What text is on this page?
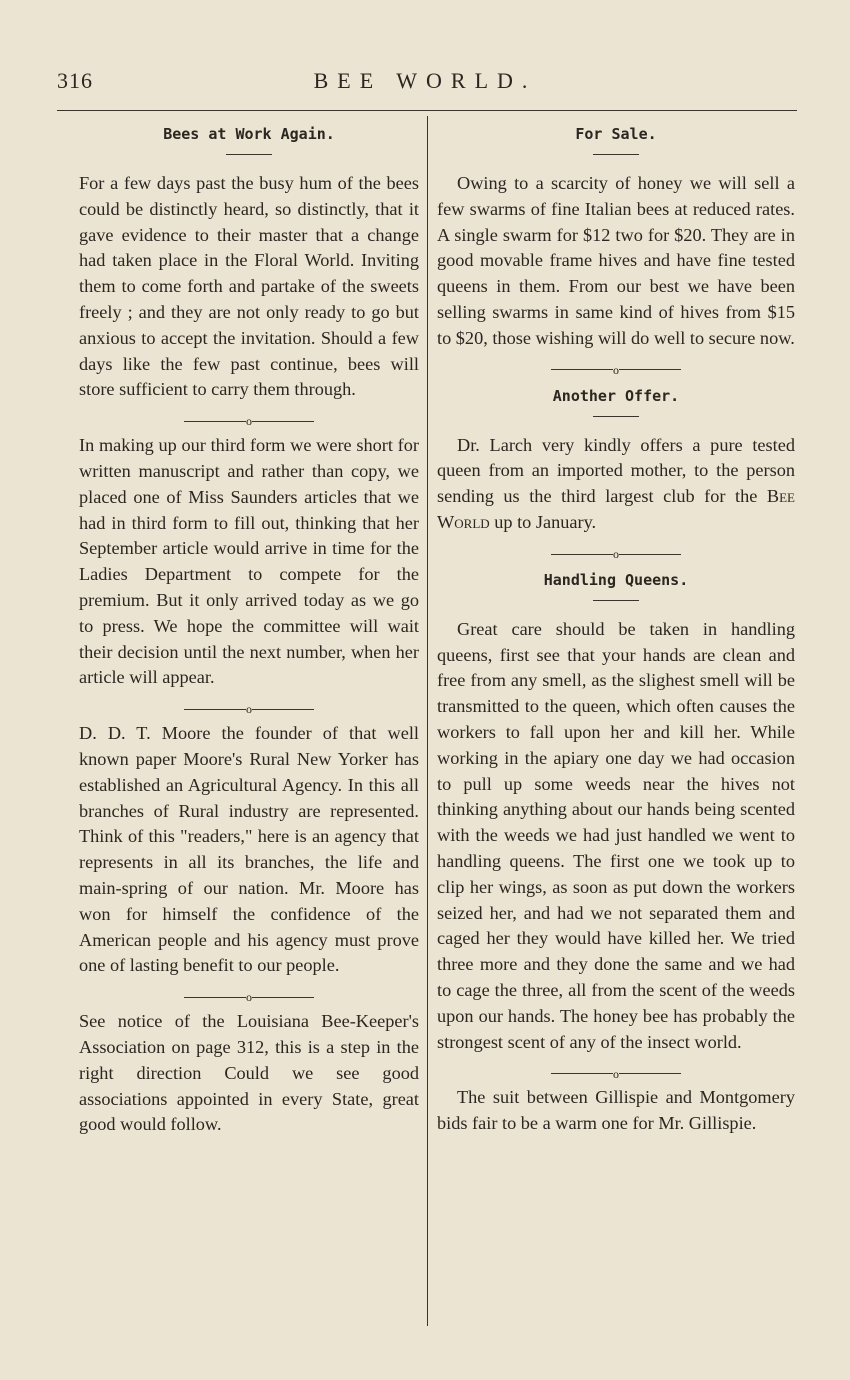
316	BEE WORLD.
Bees at Work Again.

For a few days past the busy hum of the bees could be distinctly heard, so distinctly, that it gave evidence to their master that a change had taken place in the Floral World. Inviting them to come forth and partake of the sweets freely ; and they are not only ready to go but anxious to accept the invitation. Should a few days like the few past continue, bees will store sufficient to carry them through.

o

In making up our third form we were short for written manuscript and rather than copy, we placed one of Miss Saunders articles that we had in third form to fill out, thinking that her September article would arrive in time for the Ladies Department to compete for the premium. But it only arrived today as we go to press. We hope the committee will wait their decision until the next number, when her article will appear.

o

D. D. T. Moore the founder of that well known paper Moore's Rural New Yorker has established an Agricultural Agency. In this all branches of Rural industry are represented. Think of this "readers," here is an agency that represents in all its branches, the life and main-spring of our nation. Mr. Moore has won for himself the confidence of the American people and his agency must prove one of lasting benefit to our people.

o

See notice of the Louisiana Bee-Keeper's Association on page 312, this is a step in the right direction Could we see good associations appointed in every State, great good would follow.

For Sale.

Owing to a scarcity of honey we will sell a few swarms of fine Italian bees at reduced rates. A single swarm for $12 two for $20. They are in good movable frame hives and have fine tested queens in them. From our best we have been selling swarms in same kind of hives from $15 to $20, those wishing will do well to secure now.

o
Another Offer.

Dr. Larch very kindly offers a pure tested queen from an imported mother, to the person sending us the third largest club for the Bee World up to January.

o
Handling Queens.

Great care should be taken in handling queens, first see that your hands are clean and free from any smell, as the slighest smell will be transmitted to the queen, which often causes the workers to fall upon her and kill her. While working in the apiary one day we had occasion to pull up some weeds near the hives not thinking anything about our hands being scented with the weeds we had just handled we went to handling queens. The first one we took up to clip her wings, as soon as put down the workers seized her, and had we not separated them and caged her they would have killed her. We tried three more and they done the same and we had to cage the three, all from the scent of the weeds upon our hands. The honey bee has probably the strongest scent of any of the insect world.

o

The suit between Gillispie and Montgomery bids fair to be a warm one for Mr. Gillispie.
